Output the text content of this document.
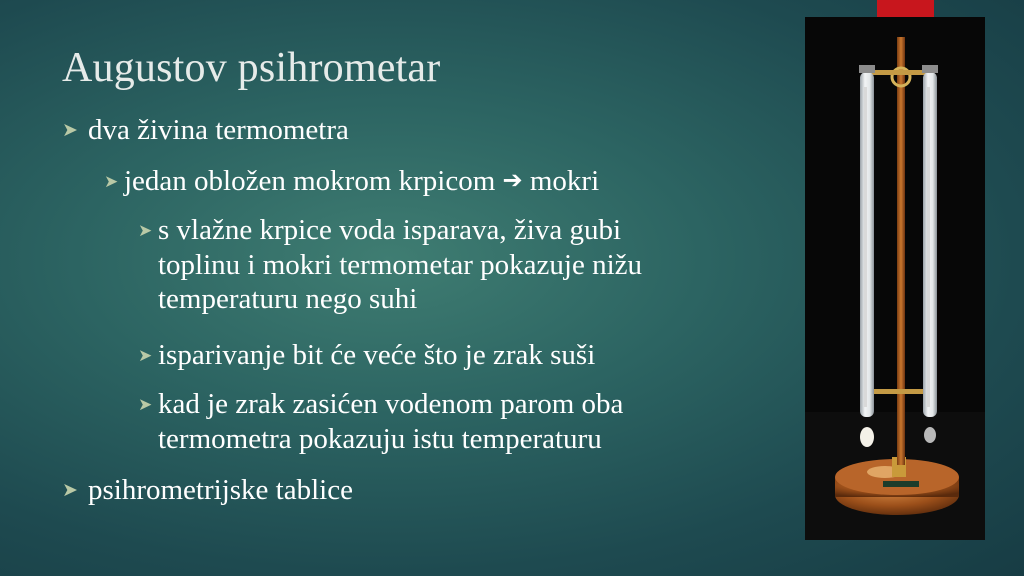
Augustov psihrometar
➤ dva živina termometra
➤ jedan obložen mokrom krpicom ➔ mokri
➤ s vlažne krpice voda isparava, živa gubi
toplinu i mokri termometar pokazuje nižu
temperaturu nego suhi
➤ isparivanje bit će veće što je zrak suši
➤ kad je zrak zasićen vodenom parom oba
termometra pokazuju istu temperaturu
➤ psihrometrijske tablice
